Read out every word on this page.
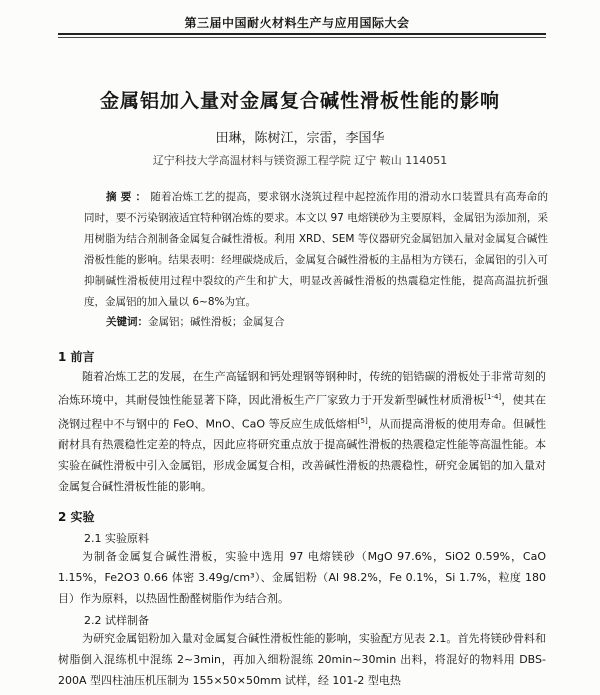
第三届中国耐火材料生产与应用国际大会
金属铝加入量对金属复合碱性滑板性能的影响
田琳，陈树江，宗雷，李国华
辽宁科技大学高温材料与镁资源工程学院 辽宁 鞍山 114051
摘要：随着冶炼工艺的提高，要求钢水浇筑过程中起控流作用的滑动水口装置具有高寿命的同时，要不污染钢液适宜特种钢冶炼的要求。本文以 97 电熔镁砂为主要原料，金属铝为添加剂，采用树脂为结合剂制备金属复合碱性滑板。利用 XRD、SEM 等仪器研究金属铝加入量对金属复合碱性滑板性能的影响。结果表明：经埋碳烧成后，金属复合碱性滑板的主晶相为方镁石，金属铝的引入可抑制碱性滑板使用过程中裂纹的产生和扩大，明显改善碱性滑板的热震稳定性能，提高高温抗折强度，金属铝的加入量以 6~8%为宜。
关键词：金属铝；碱性滑板；金属复合
1 前言
随着冶炼工艺的发展，在生产高锰钢和钙处理钢等钢种时，传统的铝锆碳的滑板处于非常苛刻的冶炼环境中，其耐侵蚀性能显著下降，因此滑板生产厂家致力于开发新型碱性材质滑板[1-4]，使其在浇钢过程中不与钢中的 FeO、MnO、CaO 等反应生成低熔相[5]，从而提高滑板的使用寿命。但碱性耐材具有热震稳性定差的特点，因此应将研究重点放于提高碱性滑板的热震稳定性能等高温性能。本实验在碱性滑板中引入金属铝，形成金属复合相，改善碱性滑板的热震稳性，研究金属铝的加入量对金属复合碱性滑板性能的影响。
2 实验
2.1 实验原料
为制备金属复合碱性滑板，实验中选用 97 电熔镁砂（MgO 97.6%，SiO2 0.59%，CaO 1.15%，Fe2O3 0.66 体密 3.49g/cm³）、金属铝粉（Al 98.2%，Fe 0.1%，Si 1.7%，粒度 180 目）作为原料，以热固性酚醛树脂作为结合剂。
2.2 试样制备
为研究金属铝粉加入量对金属复合碱性滑板性能的影响，实验配方见表 2.1。首先将镁砂骨料和树脂倒入混练机中混练 2~3min，再加入细粉混练 20min~30min 出料，将混好的物料用 DBS-200A 型四柱油压机压制为 155×50×50mm 试样，经 101-2 型电热
